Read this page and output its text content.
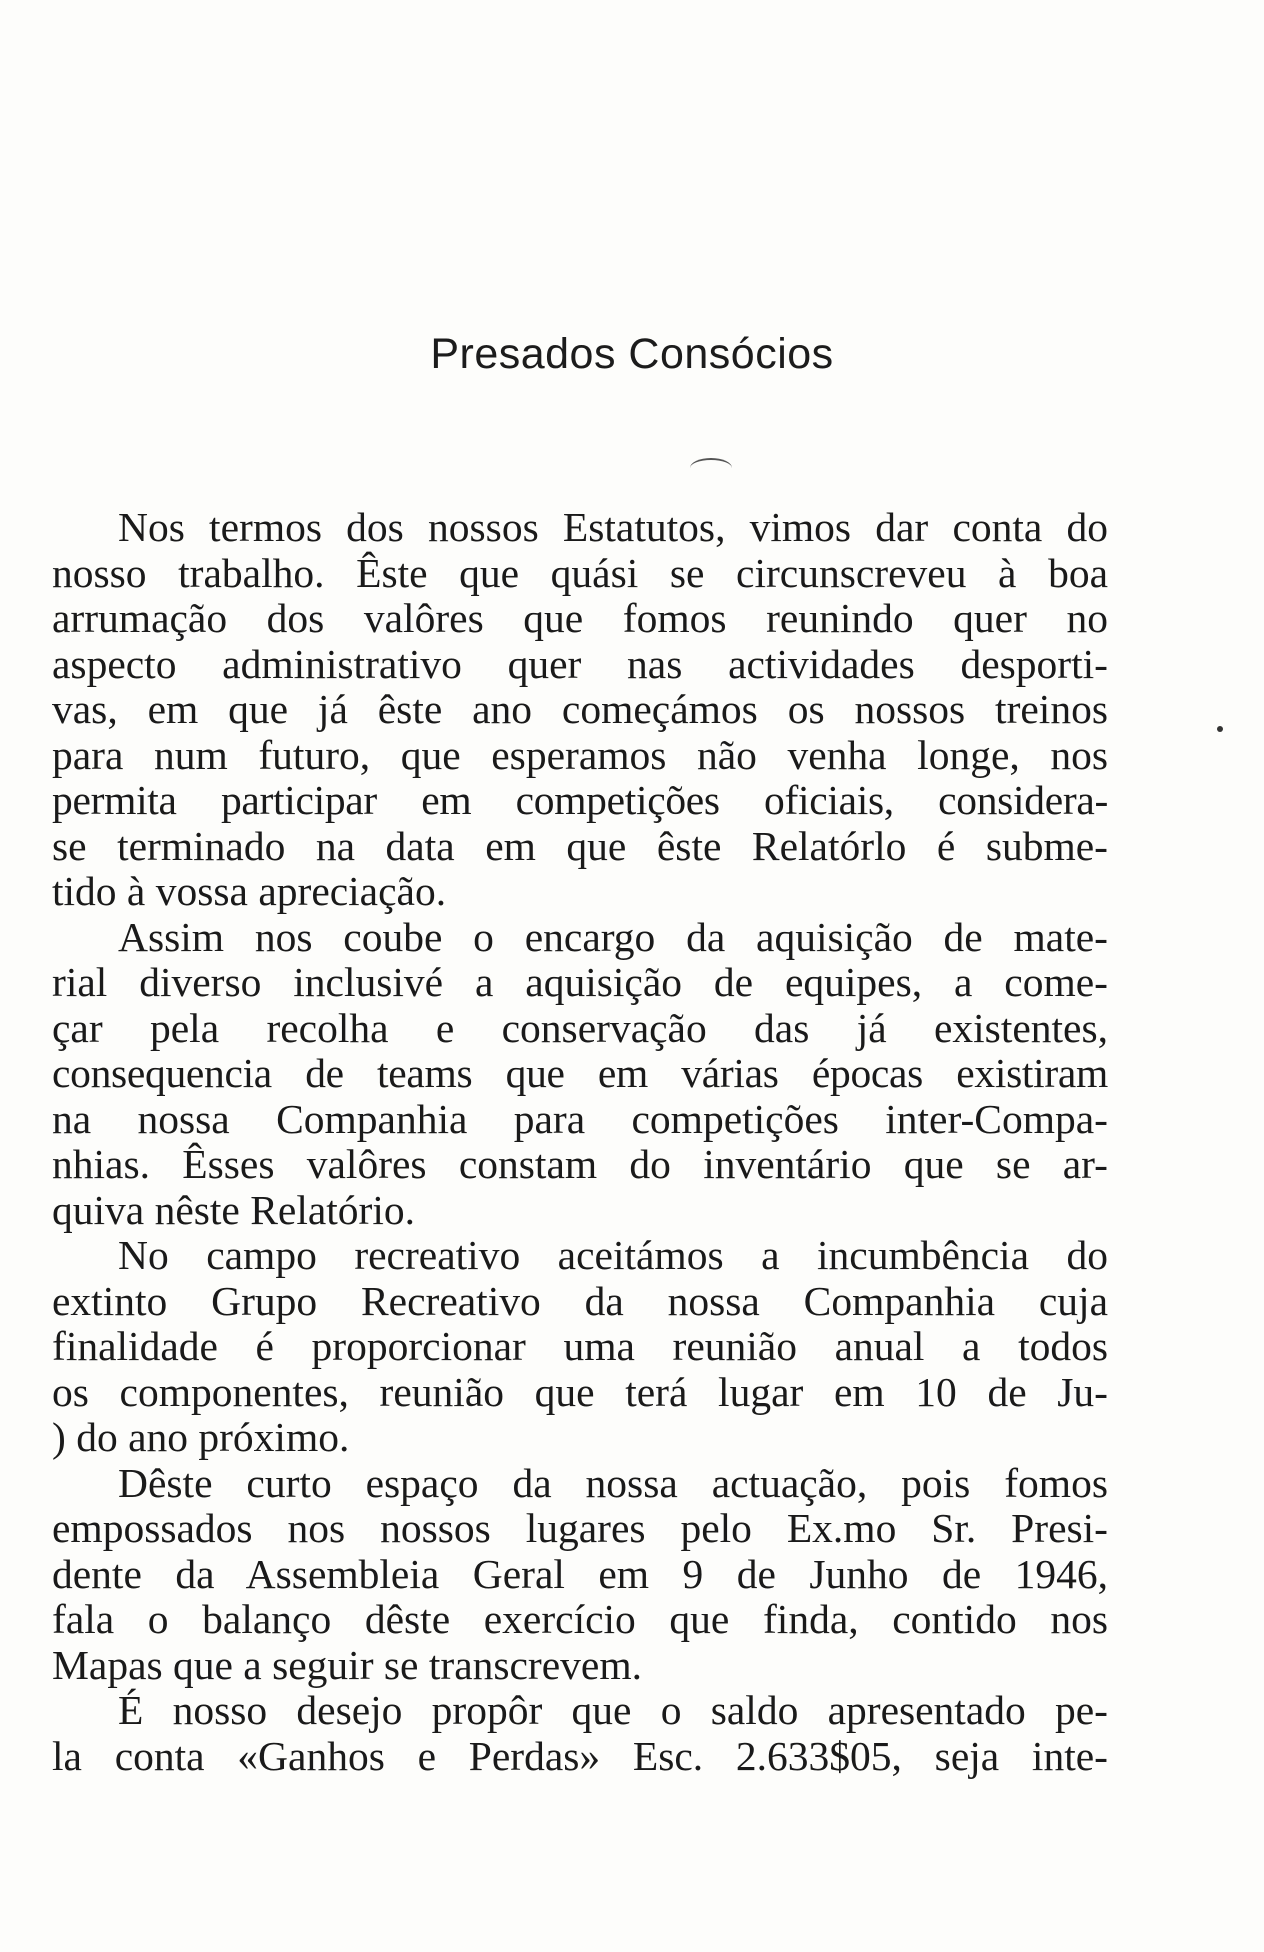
Presados Consócios
Nos termos dos nossos Estatutos, vimos dar conta do
nosso trabalho. Êste que quási se circunscreveu à boa
arrumação dos valôres que fomos reunindo quer no
aspecto administrativo quer nas actividades desporti-
vas, em que já êste ano começámos os nossos treinos
para num futuro, que esperamos não venha longe, nos
permita participar em competições oficiais, considera-
se terminado na data em que êste Relatórlo é subme-
tido à vossa apreciação.
Assim nos coube o encargo da aquisição de mate-
rial diverso inclusivé a aquisição de equipes, a come-
çar pela recolha e conservação das já existentes,
consequencia de teams que em várias épocas existiram
na nossa Companhia para competições inter-Compa-
nhias. Êsses valôres constam do inventário que se ar-
quiva nêste Relatório.
No campo recreativo aceitámos a incumbência do
extinto Grupo Recreativo da nossa Companhia cuja
finalidade é proporcionar uma reunião anual a todos
os componentes, reunião que terá lugar em 10 de Ju-
) do ano próximo.
Dêste curto espaço da nossa actuação, pois fomos
empossados nos nossos lugares pelo Ex.mo Sr. Presi-
dente da Assembleia Geral em 9 de Junho de 1946,
fala o balanço dêste exercício que finda, contido nos
Mapas que a seguir se transcrevem.
É nosso desejo propôr que o saldo apresentado pe-
la conta «Ganhos e Perdas» Esc. 2.633$05, seja inte-
